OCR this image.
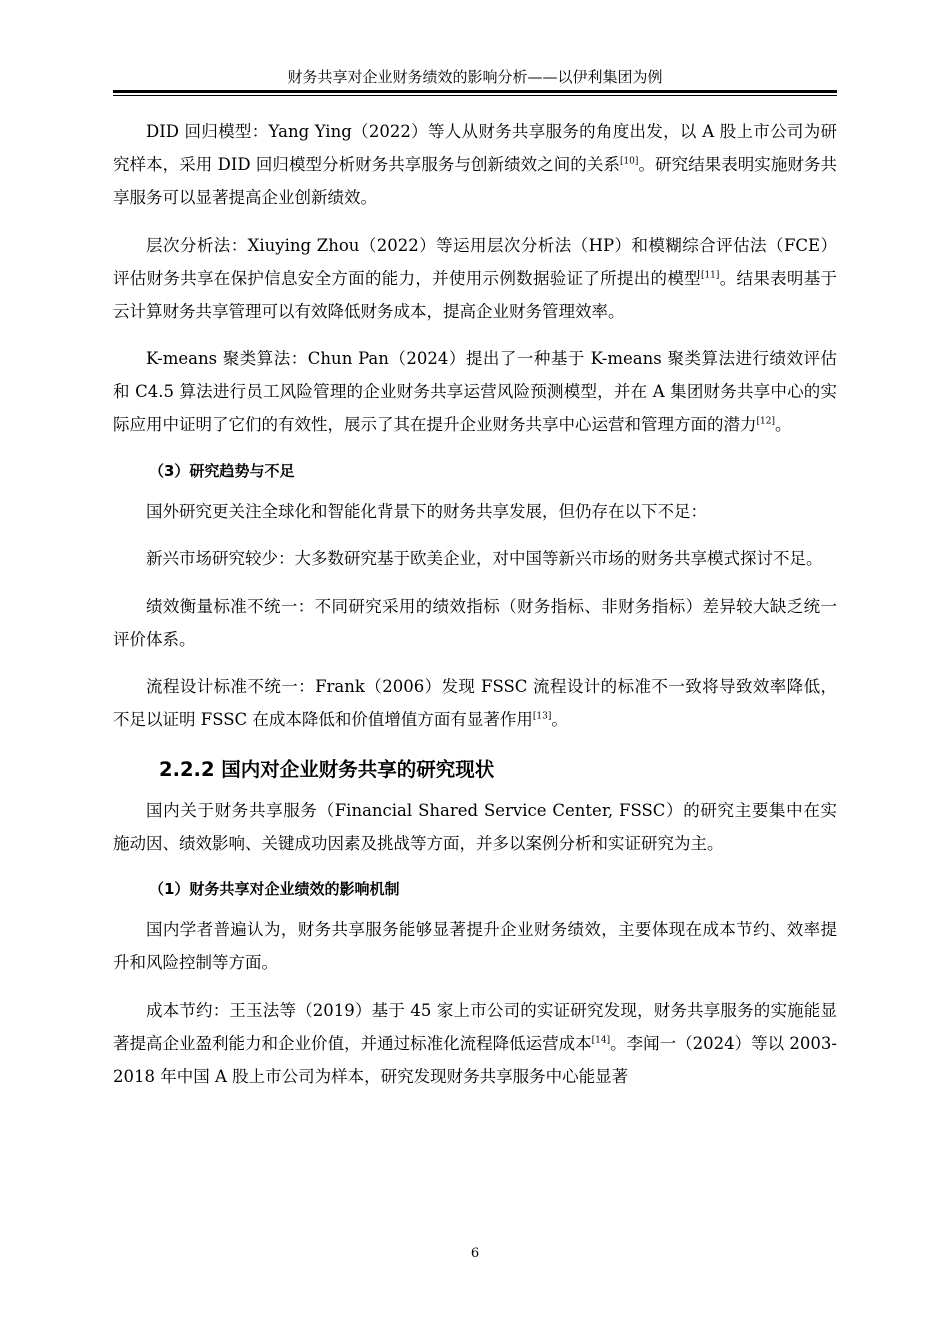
财务共享对企业财务绩效的影响分析——以伊利集团为例

DID 回归模型：Yang Ying（2022）等人从财务共享服务的角度出发，以 A 股上市公司为研究样本，采用 DID 回归模型分析财务共享服务与创新绩效之间的关系[10]。研究结果表明实施财务共享服务可以显著提高企业创新绩效。

层次分析法：Xiuying Zhou（2022）等运用层次分析法（HP）和模糊综合评估法（FCE）评估财务共享在保护信息安全方面的能力，并使用示例数据验证了所提出的模型[11]。结果表明基于云计算财务共享管理可以有效降低财务成本，提高企业财务管理效率。

K-means 聚类算法：Chun Pan（2024）提出了一种基于 K-means 聚类算法进行绩效评估和 C4.5 算法进行员工风险管理的企业财务共享运营风险预测模型，并在 A 集团财务共享中心的实际应用中证明了它们的有效性，展示了其在提升企业财务共享中心运营和管理方面的潜力[12]。

（3）研究趋势与不足

国外研究更关注全球化和智能化背景下的财务共享发展，但仍存在以下不足：

新兴市场研究较少：大多数研究基于欧美企业，对中国等新兴市场的财务共享模式探讨不足。

绩效衡量标准不统一：不同研究采用的绩效指标（财务指标、非财务指标）差异较大缺乏统一评价体系。

流程设计标准不统一：Frank（2006）发现 FSSC 流程设计的标准不一致将导致效率降低，不足以证明 FSSC 在成本降低和价值增值方面有显著作用[13]。

2.2.2 国内对企业财务共享的研究现状

国内关于财务共享服务（Financial Shared Service Center, FSSC）的研究主要集中在实施动因、绩效影响、关键成功因素及挑战等方面，并多以案例分析和实证研究为主。

（1）财务共享对企业绩效的影响机制

国内学者普遍认为，财务共享服务能够显著提升企业财务绩效，主要体现在成本节约、效率提升和风险控制等方面。

成本节约：王玉法等（2019）基于 45 家上市公司的实证研究发现，财务共享服务的实施能显著提高企业盈利能力和企业价值，并通过标准化流程降低运营成本[14]。李闻一（2024）等以 2003-2018 年中国 A 股上市公司为样本，研究发现财务共享服务中心能显著

6
